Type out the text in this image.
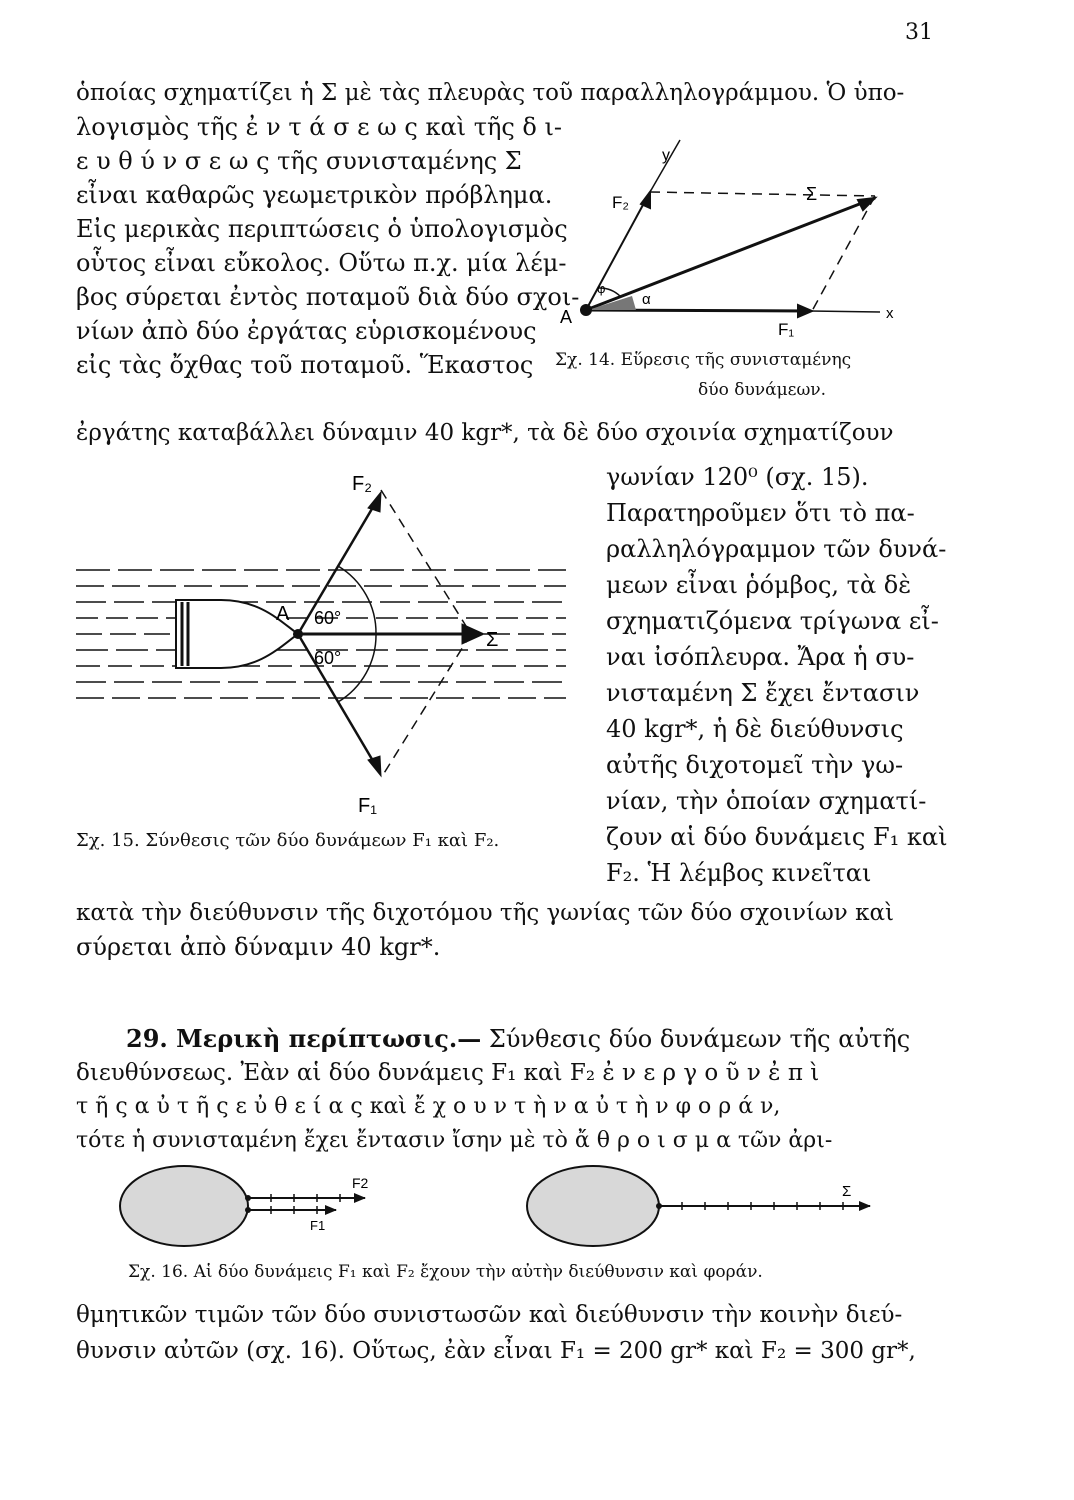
31
ὁποίας σχηματίζει ἡ Σ μὲ τὰς πλευρὰς τοῦ παραλληλογράμμου. Ὁ ὑπο-
λογισμὸς τῆς ἐ ν τ ά σ ε ω ς καὶ τῆς δ ι-
ε υ θ ύ ν σ ε ω ς τῆς συνισταμένης Σ
εἶναι καθαρῶς γεωμετρικὸν πρόβλημα.
Εἰς μερικὰς περιπτώσεις ὁ ὑπολογισμὸς
οὗτος εἶναι εὔκολος. Οὕτω π.χ. μία λέμ-
βος σύρεται ἐντὸς ποταμοῦ διὰ δύο σχοι-
νίων ἀπὸ δύο ἐργάτας εὑρισκομένους
εἰς τὰς ὄχθας τοῦ ποταμοῦ. Ἕκαστος
ἐργάτης καταβάλλει δύναμιν 40 kgr*, τὰ δὲ δύο σχοινία σχηματίζουν
y
F₂	Σ
φ
α
A
F₁
x
Σχ. 14. Εὕρεσις τῆς συνισταμένης
δύο δυνάμεων.
F₂
F₁
A 60°
60°
Σ
Σχ. 15. Σύνθεσις τῶν δύο δυνάμεων F₁ καὶ F₂.
γωνίαν 120⁰ (σχ. 15).
Παρατηροῦμεν ὅτι τὸ πα-
ραλληλόγραμμον τῶν δυνά-
μεων εἶναι ῥόμβος, τὰ δὲ
σχηματιζόμενα τρίγωνα εἶ-
ναι ἰσόπλευρα. Ἄρα ἡ συ-
νισταμένη Σ ἔχει ἔντασιν
40 kgr*, ἡ δὲ διεύθυνσις
αὐτῆς διχοτομεῖ τὴν γω-
νίαν, τὴν ὁποίαν σχηματί-
ζουν αἱ δύο δυνάμεις F₁ καὶ
F₂. Ἡ λέμβος κινεῖται
κατὰ τὴν διεύθυνσιν τῆς διχοτόμου τῆς γωνίας τῶν δύο σχοινίων καὶ
σύρεται ἀπὸ δύναμιν 40 kgr*.
29. Μερικὴ περίπτωσις.— Σύνθεσις δύο δυνάμεων τῆς αὐτῆς
διευθύνσεως. Ἐὰν αἱ δύο δυνάμεις F₁ καὶ F₂ ἐ ν ε ρ γ ο ῦ ν ἐ π ὶ
τ ῆ ς α ὐ τ ῆ ς ε ὐ θ ε ί α ς καὶ ἔ χ ο υ ν τ ὴ ν α ὐ τ ὴ ν φ ο ρ ά ν,
τότε ἡ συνισταμένη ἔχει ἔντασιν ἴσην μὲ τὸ ἄ θ ρ ο ι σ μ α τῶν ἀρι-
F2
F1
Σ
Σχ. 16. Αἱ δύο δυνάμεις F₁ καὶ F₂ ἔχουν τὴν αὐτὴν διεύθυνσιν καὶ φοράν.
θμητικῶν τιμῶν τῶν δύο συνιστωσῶν καὶ διεύθυνσιν τὴν κοινὴν διεύ-
θυνσιν αὐτῶν (σχ. 16). Οὕτως, ἐὰν εἶναι F₁ = 200 gr* καὶ F₂ = 300 gr*,
